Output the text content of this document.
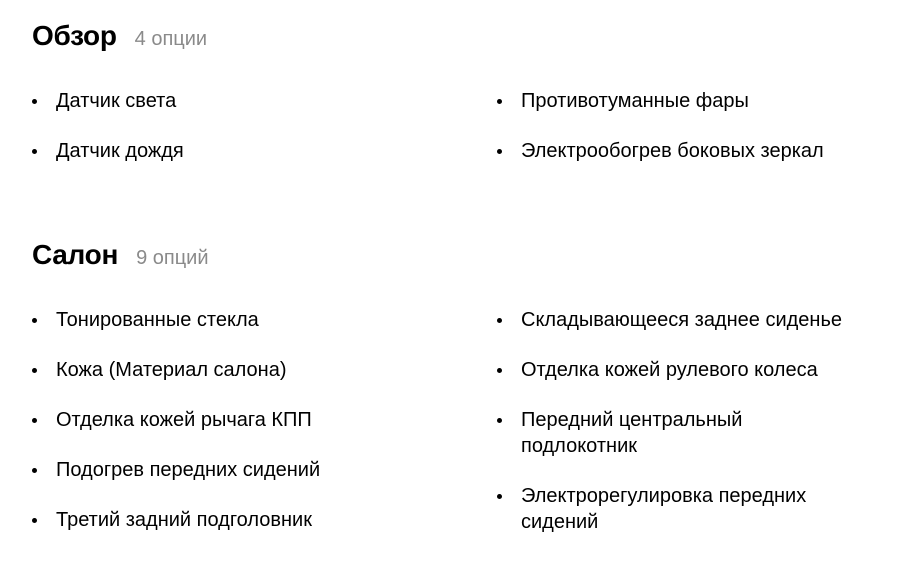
Обзор 4 опции
Датчик света
Датчик дождя
Противотуманные фары
Электрообогрев боковых зеркал
Салон 9 опций
Тонированные стекла
Кожа (Материал салона)
Отделка кожей рычага КПП
Подогрев передних сидений
Третий задний подголовник
Складывающееся заднее сиденье
Отделка кожей рулевого колеса
Передний центральный подлокотник
Электрорегулировка передних сидений
